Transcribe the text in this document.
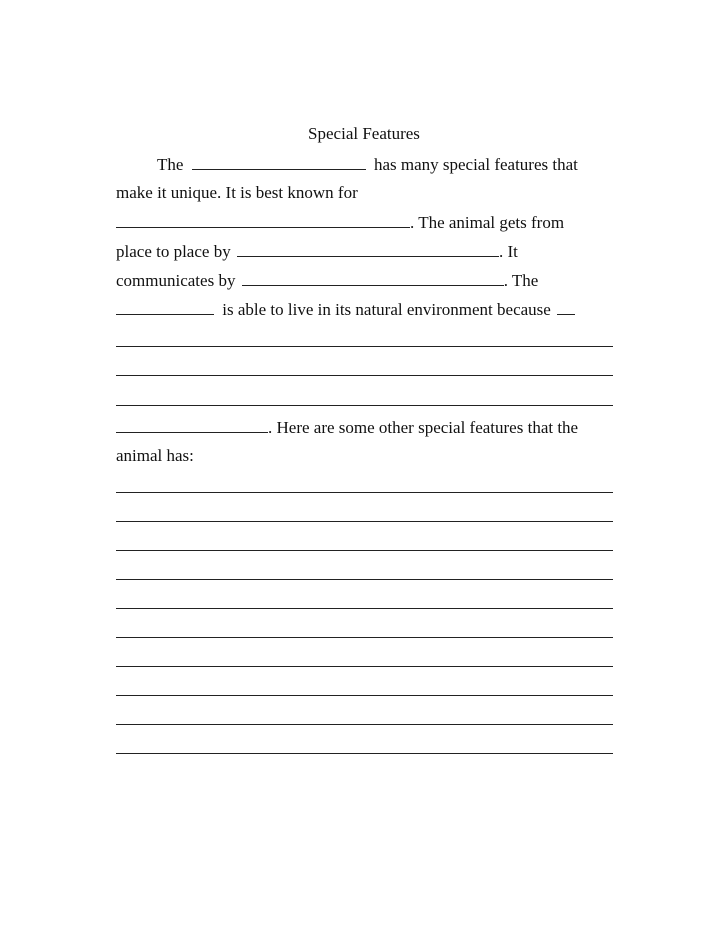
Special Features
The	has many special features that
make it unique. It is best known for
. The animal gets from
place to place by	. It
communicates by	. The
is able to live in its natural environment because
. Here are some other special features that the
animal has:
